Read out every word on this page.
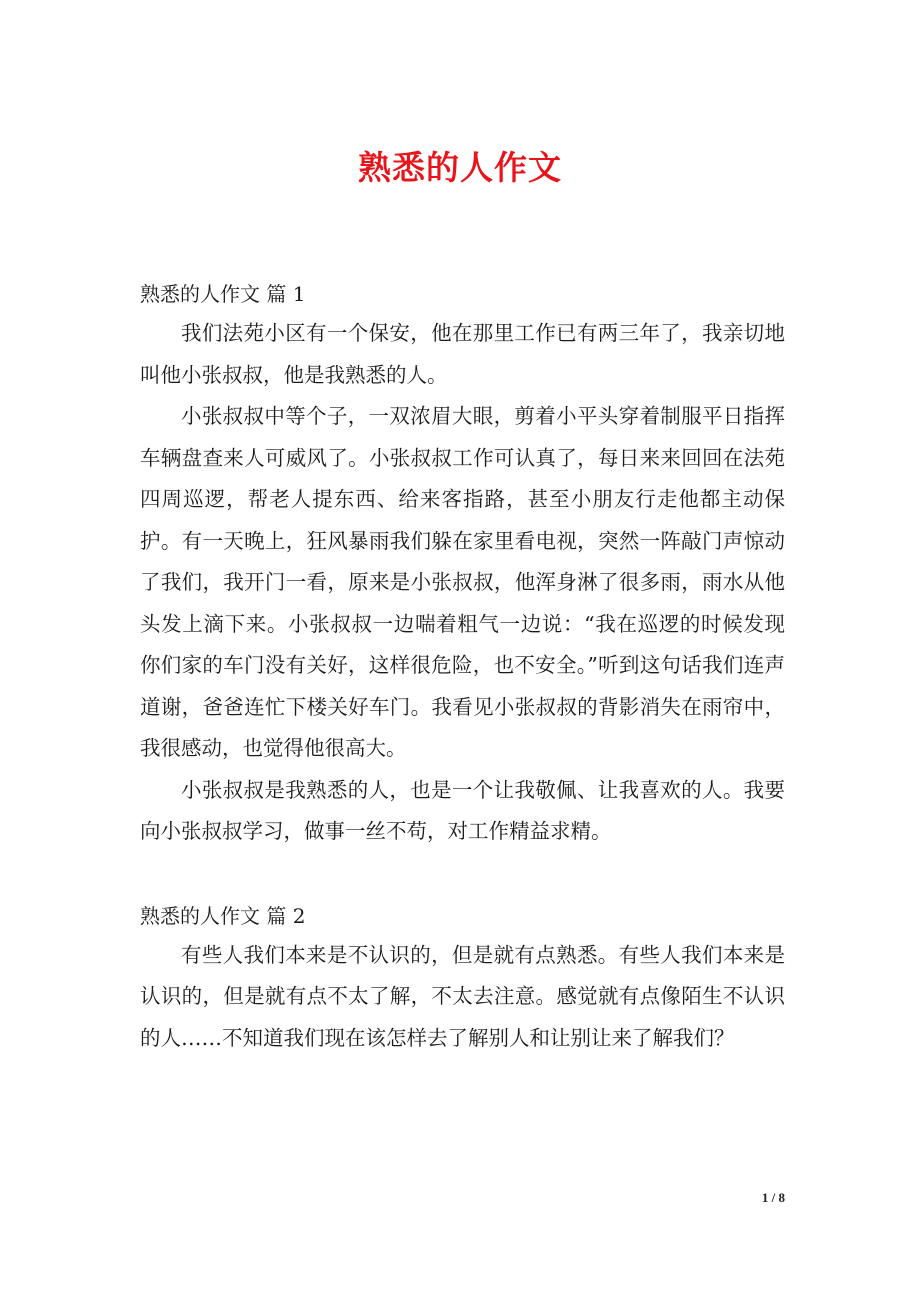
熟悉的人作文

熟悉的人作文 篇 1

我们法苑小区有一个保安，他在那里工作已有两三年了，我亲切地叫他小张叔叔，他是我熟悉的人。

小张叔叔中等个子，一双浓眉大眼，剪着小平头穿着制服平日指挥车辆盘查来人可威风了。小张叔叔工作可认真了，每日来来回回在法苑四周巡逻，帮老人提东西、给来客指路，甚至小朋友行走他都主动保护。有一天晚上，狂风暴雨我们躲在家里看电视，突然一阵敲门声惊动了我们，我开门一看，原来是小张叔叔，他浑身淋了很多雨，雨水从他头发上滴下来。小张叔叔一边喘着粗气一边说：“我在巡逻的时候发现你们家的车门没有关好，这样很危险，也不安全。”听到这句话我们连声道谢，爸爸连忙下楼关好车门。我看见小张叔叔的背影消失在雨帘中，我很感动，也觉得他很高大。

小张叔叔是我熟悉的人，也是一个让我敬佩、让我喜欢的人。我要向小张叔叔学习，做事一丝不苟，对工作精益求精。

熟悉的人作文 篇 2

有些人我们本来是不认识的，但是就有点熟悉。有些人我们本来是认识的，但是就有点不太了解，不太去注意。感觉就有点像陌生不认识的人……不知道我们现在该怎样去了解别人和让别让来了解我们？

1 / 8
